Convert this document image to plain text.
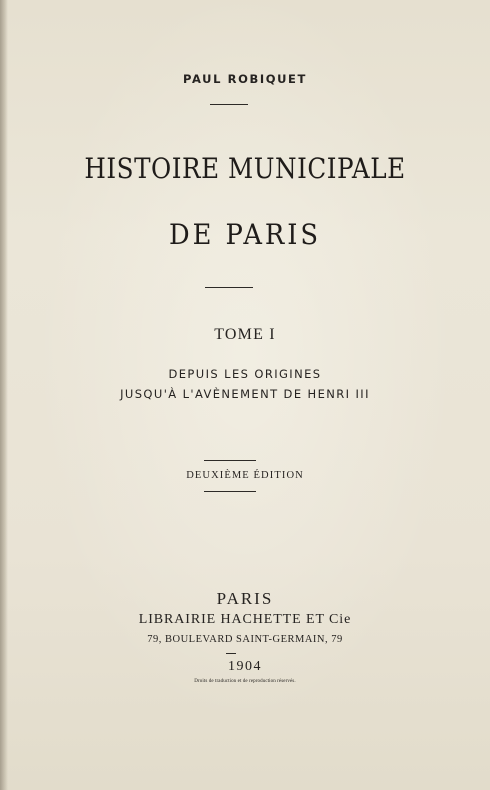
PAUL ROBIQUET
HISTOIRE MUNICIPALE
DE PARIS
TOME I
DEPUIS LES ORIGINES
JUSQU'À L'AVÈNEMENT DE HENRI III
DEUXIÈME ÉDITION
PARIS
LIBRAIRIE HACHETTE ET Cie
79, BOULEVARD SAINT-GERMAIN, 79
1904
Droits de traduction et de reproduction réservés.
